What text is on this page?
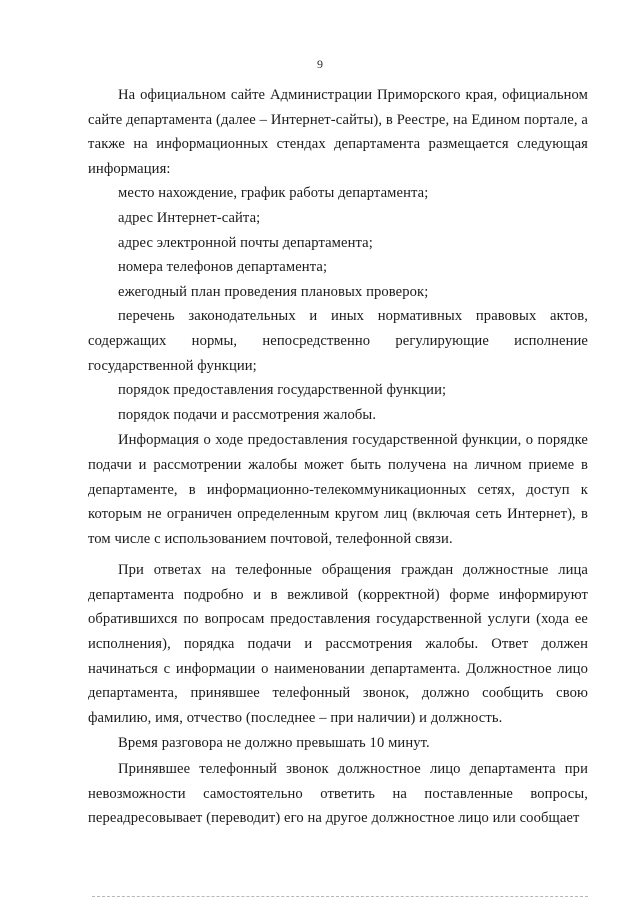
9

На официальном сайте Администрации Приморского края, официальном сайте департамента (далее – Интернет-сайты), в Реестре, на Едином портале, а также на информационных стендах департамента размещается следующая информация:

место нахождение, график работы департамента;

адрес Интернет-сайта;

адрес электронной почты департамента;

номера телефонов департамента;

ежегодный план проведения плановых проверок;

перечень законодательных и иных нормативных правовых актов, содержащих нормы, непосредственно регулирующие исполнение государственной функции;

порядок предоставления государственной функции;

порядок подачи и рассмотрения жалобы.

Информация о ходе предоставления государственной функции, о порядке подачи и рассмотрении жалобы может быть получена на личном приеме в департаменте, в информационно-телекоммуникационных сетях, доступ к которым не ограничен определенным кругом лиц (включая сеть Интернет), в том числе с использованием почтовой, телефонной связи.

При ответах на телефонные обращения граждан должностные лица департамента подробно и в вежливой (корректной) форме информируют обратившихся по вопросам предоставления государственной услуги (хода ее исполнения), порядка подачи и рассмотрения жалобы. Ответ должен начинаться с информации о наименовании департамента. Должностное лицо департамента, принявшее телефонный звонок, должно сообщить свою фамилию, имя, отчество (последнее – при наличии) и должность.

Время разговора не должно превышать 10 минут.

Принявшее телефонный звонок должностное лицо департамента при невозможности самостоятельно ответить на поставленные вопросы, переадресовывает (переводит) его на другое должностное лицо или сообщает
